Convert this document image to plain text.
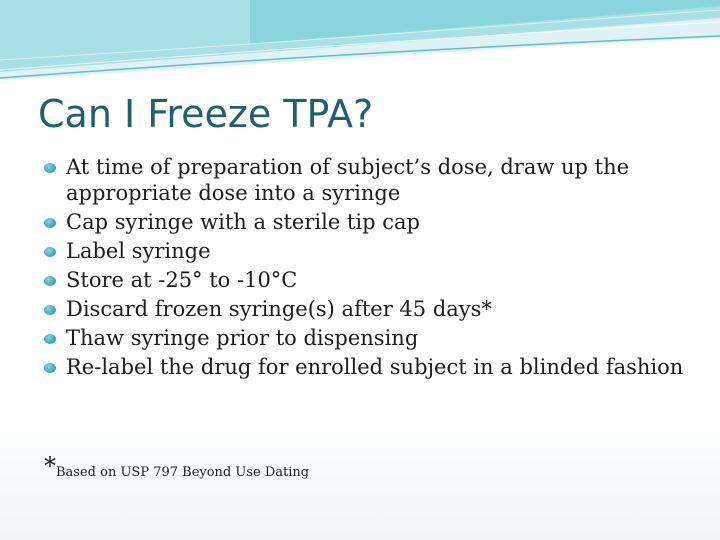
Can I Freeze TPA?
At time of preparation of subject’s dose, draw up the appropriate dose into a syringe
Cap syringe with a sterile tip cap
Label syringe
Store at -25° to -10°C
Discard frozen syringe(s) after 45 days*
Thaw syringe prior to dispensing
Re-label the drug for enrolled subject in a blinded fashion

*Based on USP 797 Beyond Use Dating
